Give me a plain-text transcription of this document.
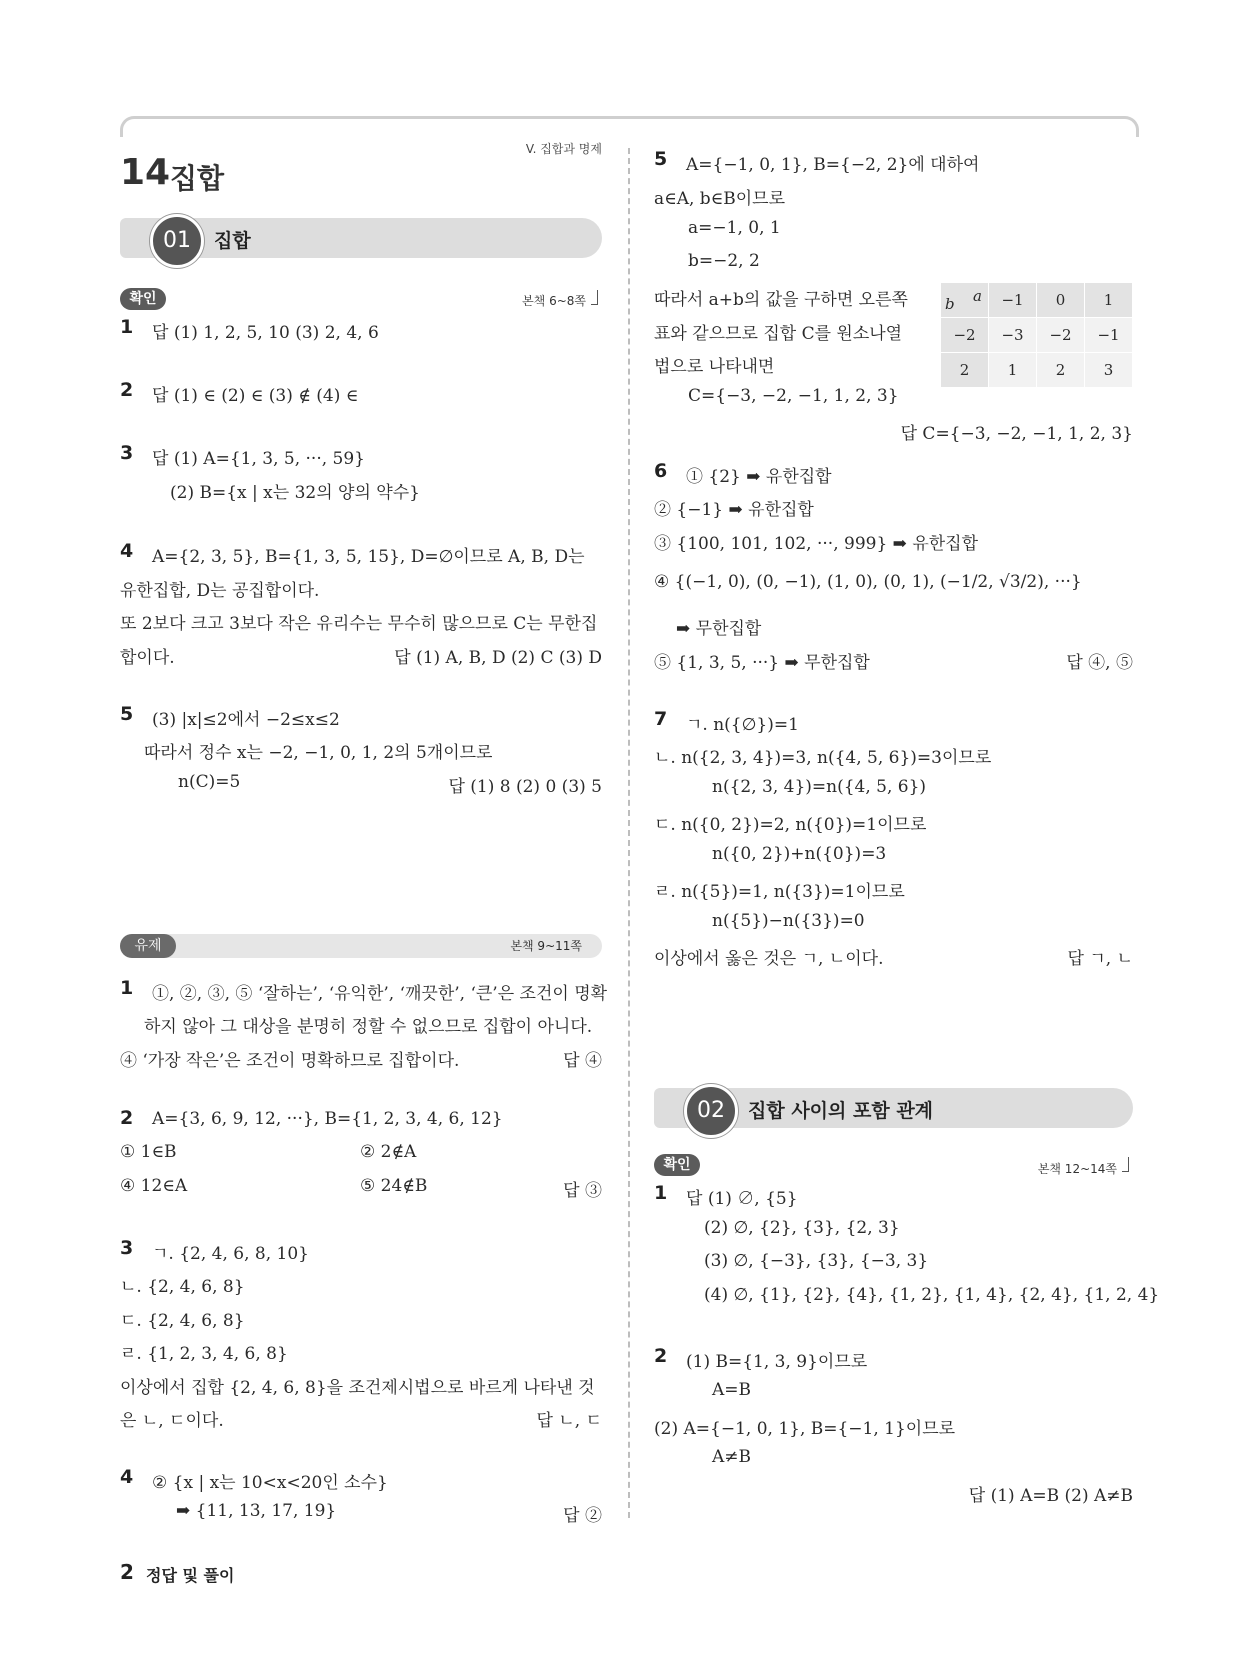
14 집합
V. 집합과 명제
01	집합
확인	본책 6~8쪽
1 답 (1) 1, 2, 5, 10 (3) 2, 4, 6
2 답 (1) ∈ (2) ∈ (3) ∉ (4) ∈
3 답 (1) A={1, 3, 5, ···, 59}
(2) B={x | x는 32의 양의 약수}
4 A={2, 3, 5}, B={1, 3, 5, 15}, D=∅이므로 A, B, D는
유한집합, D는 공집합이다.
또 2보다 크고 3보다 작은 유리수는 무수히 많으므로 C는 무한집
합이다.	답 (1) A, B, D (2) C (3) D
5 (3) |x|≤2에서 −2≤x≤2
따라서 정수 x는 −2, −1, 0, 1, 2의 5개이므로
n(C)=5	답 (1) 8 (2) 0 (3) 5
유제	본책 9~11쪽
1 ①, ②, ③, ⑤ ‘잘하는’, ‘유익한’, ‘깨끗한’, ‘큰’은 조건이 명확
하지 않아 그 대상을 분명히 정할 수 없으므로 집합이 아니다.
④ ‘가장 작은’은 조건이 명확하므로 집합이다.	답 ④
2 A={3, 6, 9, 12, ···}, B={1, 2, 3, 4, 6, 12}
① 1∈B	② 2∉A
④ 12∈A	⑤ 24∉B	답 ③
3 ㄱ. {2, 4, 6, 8, 10}
ㄴ. {2, 4, 6, 8}
ㄷ. {2, 4, 6, 8}
ㄹ. {1, 2, 3, 4, 6, 8}
이상에서 집합 {2, 4, 6, 8}을 조건제시법으로 바르게 나타낸 것
은 ㄴ, ㄷ이다.	답 ㄴ, ㄷ
4 ② {x | x는 10<x<20인 소수}
➡ {11, 13, 17, 19}	답 ②
5 A={−1, 0, 1}, B={−2, 2}에 대하여
a∈A, b∈B이므로
a=−1, 0, 1
b=−2, 2
따라서 a+b의 값을 구하면 오른쪽
표와 같으므로 집합 C를 원소나열
법으로 나타내면
C={−3, −2, −1, 1, 2, 3}
답 C={−3, −2, −1, 1, 2, 3}
b a	−1	0	1
−2	−3	−2	−1
2	1	2	3
6 ① {2} ➡ 유한집합
② {−1} ➡ 유한집합
③ {100, 101, 102, ···, 999} ➡ 유한집합
④ {(−1, 0), (0, −1), (1, 0), (0, 1), (−1/2, √3/2), ···}
➡ 무한집합
⑤ {1, 3, 5, ···} ➡ 무한집합	답 ④, ⑤
7 ㄱ. n({∅})=1
ㄴ. n({2, 3, 4})=3, n({4, 5, 6})=3이므로
n({2, 3, 4})=n({4, 5, 6})
ㄷ. n({0, 2})=2, n({0})=1이므로
n({0, 2})+n({0})=3
ㄹ. n({5})=1, n({3})=1이므로
n({5})−n({3})=0
이상에서 옳은 것은 ㄱ, ㄴ이다.	답 ㄱ, ㄴ
02	집합 사이의 포함 관계
확인	본책 12~14쪽
1 답 (1) ∅, {5}
(2) ∅, {2}, {3}, {2, 3}
(3) ∅, {−3}, {3}, {−3, 3}
(4) ∅, {1}, {2}, {4}, {1, 2}, {1, 4}, {2, 4}, {1, 2, 4}
2 (1) B={1, 3, 9}이므로
A=B
(2) A={−1, 0, 1}, B={−1, 1}이므로
A≠B
답 (1) A=B (2) A≠B
2 정답 및 풀이
